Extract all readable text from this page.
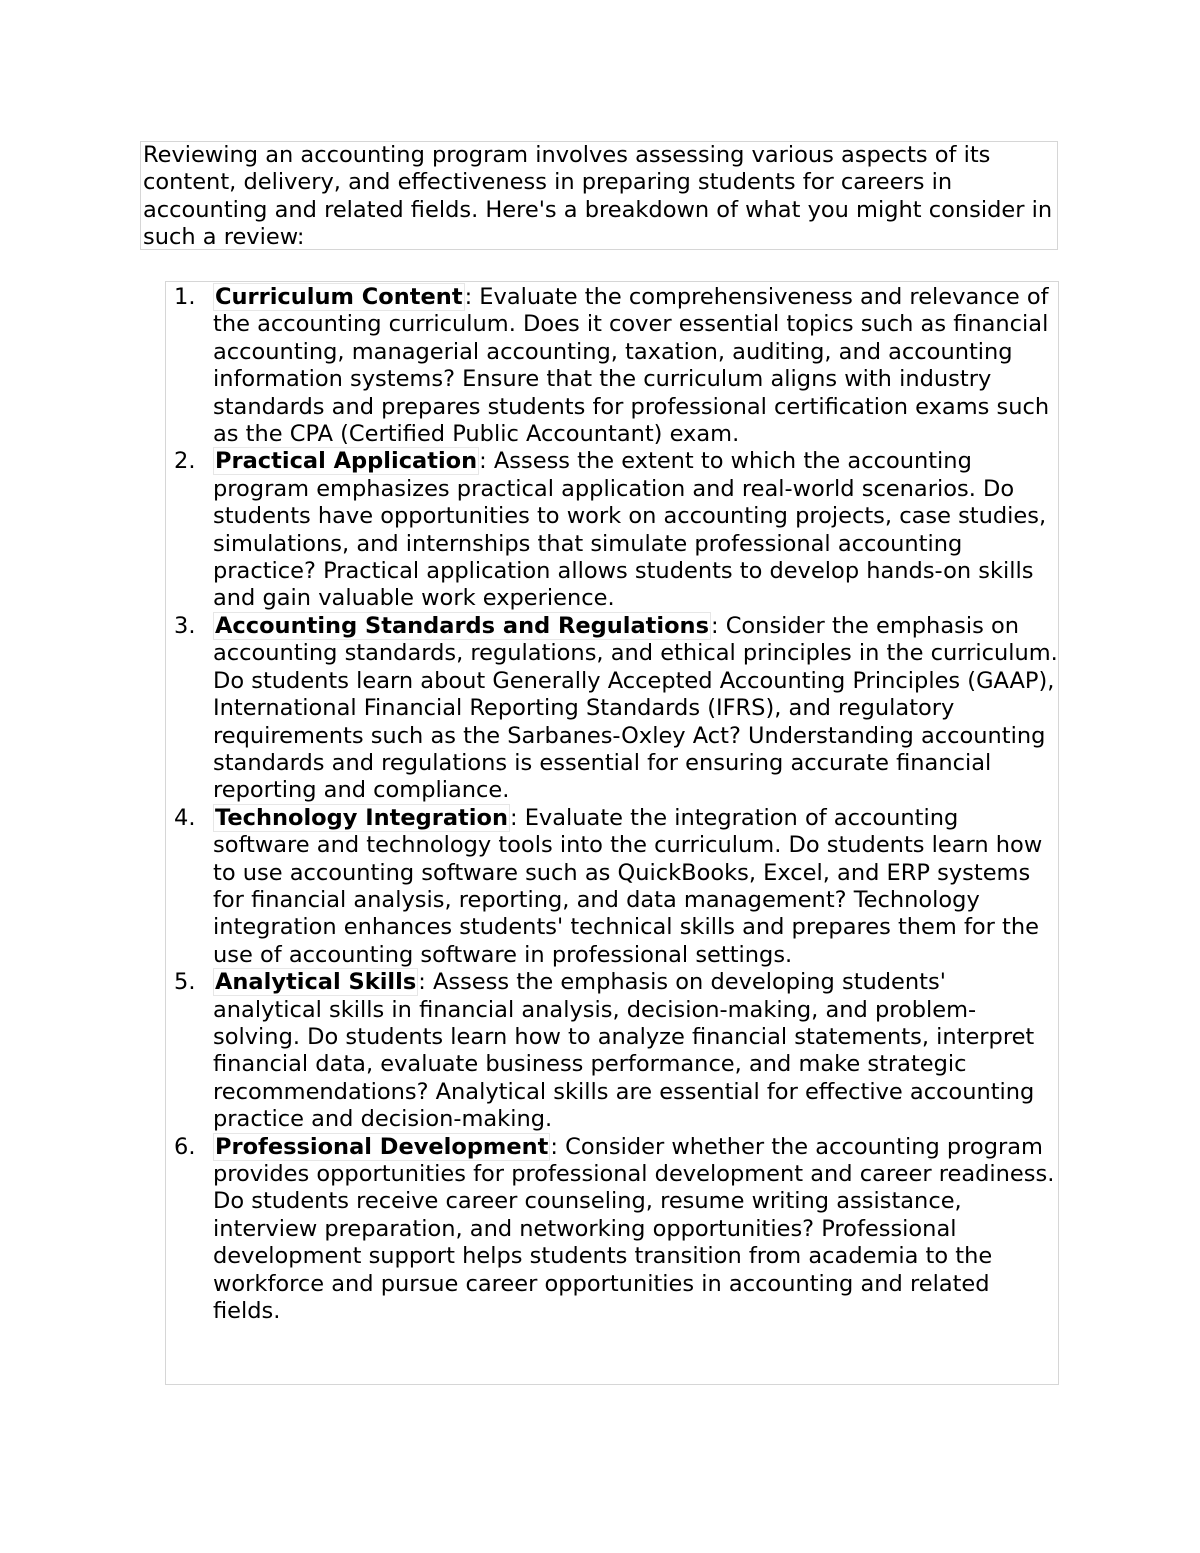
Reviewing an accounting program involves assessing various aspects of its content, delivery, and effectiveness in preparing students for careers in accounting and related fields. Here's a breakdown of what you might consider in such a review:
1. Curriculum Content: Evaluate the comprehensiveness and relevance of the accounting curriculum. Does it cover essential topics such as financial accounting, managerial accounting, taxation, auditing, and accounting information systems? Ensure that the curriculum aligns with industry standards and prepares students for professional certification exams such as the CPA (Certified Public Accountant) exam.
2. Practical Application: Assess the extent to which the accounting program emphasizes practical application and real-world scenarios. Do students have opportunities to work on accounting projects, case studies, simulations, and internships that simulate professional accounting practice? Practical application allows students to develop hands-on skills and gain valuable work experience.
3. Accounting Standards and Regulations: Consider the emphasis on accounting standards, regulations, and ethical principles in the curriculum. Do students learn about Generally Accepted Accounting Principles (GAAP), International Financial Reporting Standards (IFRS), and regulatory requirements such as the Sarbanes-Oxley Act? Understanding accounting standards and regulations is essential for ensuring accurate financial reporting and compliance.
4. Technology Integration: Evaluate the integration of accounting software and technology tools into the curriculum. Do students learn how to use accounting software such as QuickBooks, Excel, and ERP systems for financial analysis, reporting, and data management? Technology integration enhances students' technical skills and prepares them for the use of accounting software in professional settings.
5. Analytical Skills: Assess the emphasis on developing students' analytical skills in financial analysis, decision-making, and problem-solving. Do students learn how to analyze financial statements, interpret financial data, evaluate business performance, and make strategic recommendations? Analytical skills are essential for effective accounting practice and decision-making.
6. Professional Development: Consider whether the accounting program provides opportunities for professional development and career readiness. Do students receive career counseling, resume writing assistance, interview preparation, and networking opportunities? Professional development support helps students transition from academia to the workforce and pursue career opportunities in accounting and related fields.
